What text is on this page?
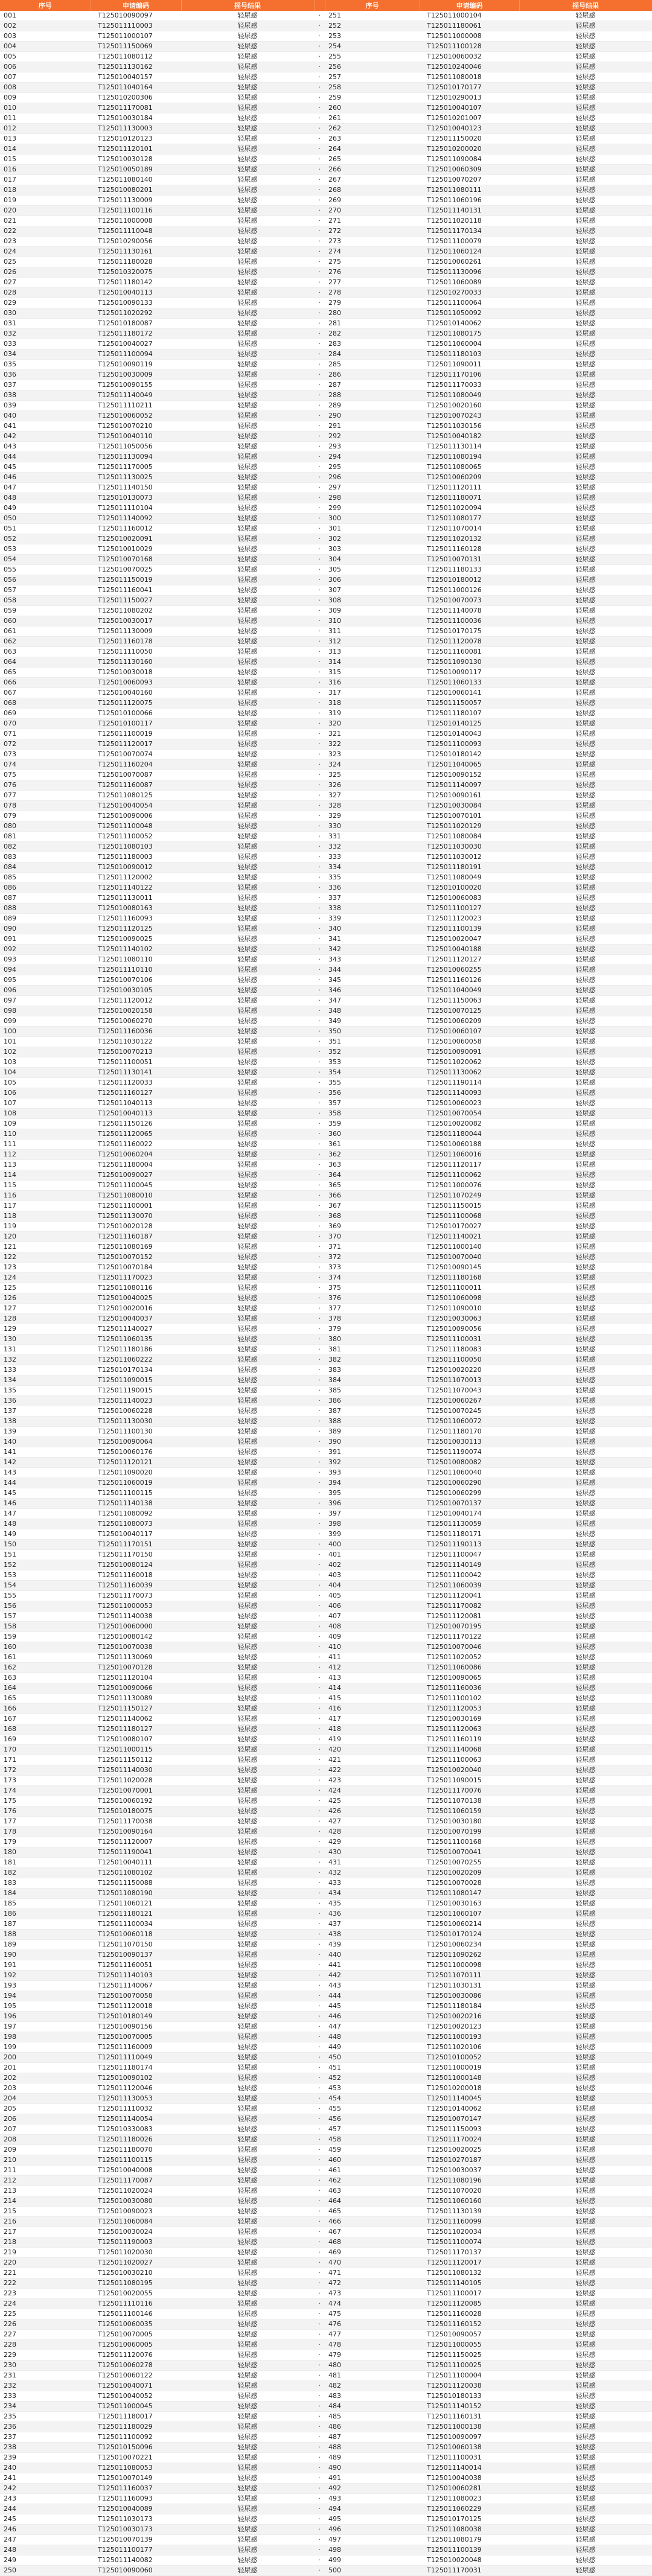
序号	申请编码	摇号结果		序号	申请编码	摇号结果
001	T125010090097	轻尿感	·	251	T125011000104	轻尿感
002	T125011110003	轻尿感	·	252	T125011180061	轻尿感
003	T125011000107	轻尿感	·	253	T125011000008	轻尿感
004	T125011150069	轻尿感	·	254	T125011100128	轻尿感
005	T125011080112	轻尿感	·	255	T125010060032	轻尿感
006	T125011130162	轻尿感	·	256	T125010240046	轻尿感
007	T125010040157	轻尿感	·	257	T125011080018	轻尿感
008	T125011040164	轻尿感	·	258	T125010170177	轻尿感
009	T125010200306	轻尿感	·	259	T125010290013	轻尿感
010	T125011170081	轻尿感	·	260	T125010040107	轻尿感
011	T125010030184	轻尿感	·	261	T125010201007	轻尿感
012	T125011130003	轻尿感	·	262	T125010040123	轻尿感
013	T125010120123	轻尿感	·	263	T125011150020	轻尿感
014	T125011120101	轻尿感	·	264	T125010200020	轻尿感
015	T125010030128	轻尿感	·	265	T125011090084	轻尿感
016	T125010050189	轻尿感	·	266	T125010060309	轻尿感
017	T125011080140	轻尿感	·	267	T125010070207	轻尿感
018	T125010080201	轻尿感	·	268	T125011080111	轻尿感
019	T125011130009	轻尿感	·	269	T125011060196	轻尿感
020	T125011100116	轻尿感	·	270	T125011140131	轻尿感
021	T125011000008	轻尿感	·	271	T125011020118	轻尿感
022	T125011110048	轻尿感	·	272	T125011170134	轻尿感
023	T125010290056	轻尿感	·	273	T125011100079	轻尿感
024	T125011130161	轻尿感	·	274	T125011060124	轻尿感
025	T125011180028	轻尿感	·	275	T125010060261	轻尿感
026	T125010320075	轻尿感	·	276	T125011130096	轻尿感
027	T125011180142	轻尿感	·	277	T125011060089	轻尿感
028	T125010040113	轻尿感	·	278	T125010270033	轻尿感
029	T125010090133	轻尿感	·	279	T125011100064	轻尿感
030	T125011020292	轻尿感	·	280	T125011050092	轻尿感
031	T125010180087	轻尿感	·	281	T125010140062	轻尿感
032	T125011180172	轻尿感	·	282	T125011080175	轻尿感
033	T125010040027	轻尿感	·	283	T125011060004	轻尿感
034	T125011100094	轻尿感	·	284	T125011180103	轻尿感
035	T125010090119	轻尿感	·	285	T125011090011	轻尿感
036	T125010030009	轻尿感	·	286	T125011170106	轻尿感
037	T125010090155	轻尿感	·	287	T125011170033	轻尿感
038	T125011140049	轻尿感	·	288	T125011080049	轻尿感
039	T125011110211	轻尿感	·	289	T125010020160	轻尿感
040	T125010060052	轻尿感	·	290	T125010070243	轻尿感
041	T125010070210	轻尿感	·	291	T125011030156	轻尿感
042	T125010040110	轻尿感	·	292	T125010040182	轻尿感
043	T125011050056	轻尿感	·	293	T125011130114	轻尿感
044	T125011130094	轻尿感	·	294	T125011080194	轻尿感
045	T125011170005	轻尿感	·	295	T125011080065	轻尿感
046	T125011130025	轻尿感	·	296	T125010060209	轻尿感
047	T125011140150	轻尿感	·	297	T125011120111	轻尿感
048	T125010130073	轻尿感	·	298	T125011180071	轻尿感
049	T125011110104	轻尿感	·	299	T125011020094	轻尿感
050	T125011140092	轻尿感	·	300	T125011080177	轻尿感
051	T125011160012	轻尿感	·	301	T125011070014	轻尿感
052	T125010020091	轻尿感	·	302	T125011020132	轻尿感
053	T125010010029	轻尿感	·	303	T125011160128	轻尿感
054	T125010070168	轻尿感	·	304	T125010070131	轻尿感
055	T125010070025	轻尿感	·	305	T125011180133	轻尿感
056	T125011150019	轻尿感	·	306	T125010180012	轻尿感
057	T125011160041	轻尿感	·	307	T125011000126	轻尿感
058	T125011150027	轻尿感	·	308	T125010070073	轻尿感
059	T125011080202	轻尿感	·	309	T125011140078	轻尿感
060	T125010030017	轻尿感	·	310	T125011100036	轻尿感
061	T125011130009	轻尿感	·	311	T125010170175	轻尿感
062	T125011160178	轻尿感	·	312	T125011120078	轻尿感
063	T125011110050	轻尿感	·	313	T125011160081	轻尿感
064	T125011130160	轻尿感	·	314	T125011090130	轻尿感
065	T125010030018	轻尿感	·	315	T125010090117	轻尿感
066	T125010060093	轻尿感	·	316	T125011060133	轻尿感
067	T125010040160	轻尿感	·	317	T125010060141	轻尿感
068	T125011120075	轻尿感	·	318	T125011150057	轻尿感
069	T125010100066	轻尿感	·	319	T125011180107	轻尿感
070	T125010100117	轻尿感	·	320	T125010140125	轻尿感
071	T125011100019	轻尿感	·	321	T125010140043	轻尿感
072	T125011120017	轻尿感	·	322	T125011100093	轻尿感
073	T125010070074	轻尿感	·	323	T125010180142	轻尿感
074	T125011160204	轻尿感	·	324	T125011040065	轻尿感
075	T125010070087	轻尿感	·	325	T125010090152	轻尿感
076	T125011160087	轻尿感	·	326	T125011140097	轻尿感
077	T125011080125	轻尿感	·	327	T125010090161	轻尿感
078	T125010040054	轻尿感	·	328	T125010030084	轻尿感
079	T125010090006	轻尿感	·	329	T125010070101	轻尿感
080	T125011100048	轻尿感	·	330	T125011020129	轻尿感
081	T125011100052	轻尿感	·	331	T125011080084	轻尿感
082	T125011080103	轻尿感	·	332	T125011030030	轻尿感
083	T125011180003	轻尿感	·	333	T125011030012	轻尿感
084	T125010090012	轻尿感	·	334	T125011180191	轻尿感
085	T125011120002	轻尿感	·	335	T125011080049	轻尿感
086	T125011140122	轻尿感	·	336	T125010100020	轻尿感
087	T125011130011	轻尿感	·	337	T125010060083	轻尿感
088	T125010080163	轻尿感	·	338	T125011100127	轻尿感
089	T125011160093	轻尿感	·	339	T125011120023	轻尿感
090	T125011120125	轻尿感	·	340	T125011100139	轻尿感
091	T125010090025	轻尿感	·	341	T125010020047	轻尿感
092	T125011140102	轻尿感	·	342	T125010040188	轻尿感
093	T125011080110	轻尿感	·	343	T125011120127	轻尿感
094	T125011110110	轻尿感	·	344	T125010060255	轻尿感
095	T125010070106	轻尿感	·	345	T125011160126	轻尿感
096	T125010030105	轻尿感	·	346	T125011040049	轻尿感
097	T125011120012	轻尿感	·	347	T125011150063	轻尿感
098	T125010020158	轻尿感	·	348	T125010070125	轻尿感
099	T125010060270	轻尿感	·	349	T125010060209	轻尿感
100	T125011160036	轻尿感	·	350	T125010060107	轻尿感
101	T125011030122	轻尿感	·	351	T125010060058	轻尿感
102	T125010070213	轻尿感	·	352	T125010090091	轻尿感
103	T125011100051	轻尿感	·	353	T125011020062	轻尿感
104	T125011130141	轻尿感	·	354	T125011130062	轻尿感
105	T125011120033	轻尿感	·	355	T125011190114	轻尿感
106	T125011160127	轻尿感	·	356	T125011140093	轻尿感
107	T125011040113	轻尿感	·	357	T125010060023	轻尿感
108	T125010040113	轻尿感	·	358	T125010070054	轻尿感
109	T125011150126	轻尿感	·	359	T125010020082	轻尿感
110	T125011120065	轻尿感	·	360	T125011180044	轻尿感
111	T125011160022	轻尿感	·	361	T125010060188	轻尿感
112	T125010060204	轻尿感	·	362	T125011060016	轻尿感
113	T125011180004	轻尿感	·	363	T125011120117	轻尿感
114	T125010090027	轻尿感	·	364	T125011100062	轻尿感
115	T125011100045	轻尿感	·	365	T125011000076	轻尿感
116	T125011080010	轻尿感	·	366	T125011070249	轻尿感
117	T125011100001	轻尿感	·	367	T125011150015	轻尿感
118	T125011130070	轻尿感	·	368	T125011100068	轻尿感
119	T125010020128	轻尿感	·	369	T125010170027	轻尿感
120	T125011160187	轻尿感	·	370	T125011140021	轻尿感
121	T125011080169	轻尿感	·	371	T125011000140	轻尿感
122	T125010070152	轻尿感	·	372	T125010070040	轻尿感
123	T125010070184	轻尿感	·	373	T125010090145	轻尿感
124	T125011170023	轻尿感	·	374	T125011180168	轻尿感
125	T125011080116	轻尿感	·	375	T125011100011	轻尿感
126	T125010040025	轻尿感	·	376	T125011060098	轻尿感
127	T125010020016	轻尿感	·	377	T125011090010	轻尿感
128	T125010040037	轻尿感	·	378	T125010030063	轻尿感
129	T125011140027	轻尿感	·	379	T125010090056	轻尿感
130	T125011060135	轻尿感	·	380	T125011100031	轻尿感
131	T125011180186	轻尿感	·	381	T125011180083	轻尿感
132	T125011060222	轻尿感	·	382	T125011100050	轻尿感
133	T125010170134	轻尿感	·	383	T125010020220	轻尿感
134	T125011090015	轻尿感	·	384	T125011070013	轻尿感
135	T125011190015	轻尿感	·	385	T125011070043	轻尿感
136	T125011140023	轻尿感	·	386	T125010060267	轻尿感
137	T125010060228	轻尿感	·	387	T125010070245	轻尿感
138	T125011130030	轻尿感	·	388	T125011060072	轻尿感
139	T125011100130	轻尿感	·	389	T125011180170	轻尿感
140	T125010090064	轻尿感	·	390	T125010030113	轻尿感
141	T125010060176	轻尿感	·	391	T125011190074	轻尿感
142	T125011120121	轻尿感	·	392	T125010080082	轻尿感
143	T125011090020	轻尿感	·	393	T125011060040	轻尿感
144	T125011060019	轻尿感	·	394	T125010060290	轻尿感
145	T125011100115	轻尿感	·	395	T125010060299	轻尿感
146	T125011140138	轻尿感	·	396	T125010070137	轻尿感
147	T125011080092	轻尿感	·	397	T125010040174	轻尿感
148	T125011080073	轻尿感	·	398	T125011130059	轻尿感
149	T125010040117	轻尿感	·	399	T125011180171	轻尿感
150	T125011170151	轻尿感	·	400	T125011190113	轻尿感
151	T125011170150	轻尿感	·	401	T125011100047	轻尿感
152	T125010080124	轻尿感	·	402	T125011140149	轻尿感
153	T125011160018	轻尿感	·	403	T125011100042	轻尿感
154	T125011160039	轻尿感	·	404	T125011060039	轻尿感
155	T125011170073	轻尿感	·	405	T125011120041	轻尿感
156	T125011000053	轻尿感	·	406	T125011170082	轻尿感
157	T125011140038	轻尿感	·	407	T125011120081	轻尿感
158	T125010060000	轻尿感	·	408	T125010070195	轻尿感
159	T125010080142	轻尿感	·	409	T125011170122	轻尿感
160	T125010070038	轻尿感	·	410	T125010070046	轻尿感
161	T125011130069	轻尿感	·	411	T125011020052	轻尿感
162	T125010070128	轻尿感	·	412	T125011060086	轻尿感
163	T125011120104	轻尿感	·	413	T125010090065	轻尿感
164	T125010090066	轻尿感	·	414	T125011160036	轻尿感
165	T125011130089	轻尿感	·	415	T125011100102	轻尿感
166	T125011150127	轻尿感	·	416	T125011120053	轻尿感
167	T125011140062	轻尿感	·	417	T125010030169	轻尿感
168	T125011180127	轻尿感	·	418	T125011120063	轻尿感
169	T125010080107	轻尿感	·	419	T125011160119	轻尿感
170	T125011000115	轻尿感	·	420	T125011140068	轻尿感
171	T125011150112	轻尿感	·	421	T125011100063	轻尿感
172	T125011140030	轻尿感	·	422	T125010020040	轻尿感
173	T125011020028	轻尿感	·	423	T125011090015	轻尿感
174	T125010070001	轻尿感	·	424	T125011170076	轻尿感
175	T125010060192	轻尿感	·	425	T125011070138	轻尿感
176	T125010180075	轻尿感	·	426	T125011060159	轻尿感
177	T125011170038	轻尿感	·	427	T125010030180	轻尿感
178	T125010090164	轻尿感	·	428	T125010070199	轻尿感
179	T125011120007	轻尿感	·	429	T125011100168	轻尿感
180	T125011190041	轻尿感	·	430	T125010070041	轻尿感
181	T125010040111	轻尿感	·	431	T125010070255	轻尿感
182	T125011080102	轻尿感	·	432	T125010020209	轻尿感
183	T125011150088	轻尿感	·	433	T125010070028	轻尿感
184	T125011080190	轻尿感	·	434	T125011080147	轻尿感
185	T125011060121	轻尿感	·	435	T125010030163	轻尿感
186	T125011180121	轻尿感	·	436	T125011060107	轻尿感
187	T125011100034	轻尿感	·	437	T125010060214	轻尿感
188	T125010060118	轻尿感	·	438	T125010170124	轻尿感
189	T125011070150	轻尿感	·	439	T125010060234	轻尿感
190	T125010090137	轻尿感	·	440	T125011090262	轻尿感
191	T125011160051	轻尿感	·	441	T125011000098	轻尿感
192	T125011140103	轻尿感	·	442	T125011070111	轻尿感
193	T125011140067	轻尿感	·	443	T125011030131	轻尿感
194	T125010070058	轻尿感	·	444	T125010030086	轻尿感
195	T125011120018	轻尿感	·	445	T125011180184	轻尿感
196	T125010180149	轻尿感	·	446	T125010020216	轻尿感
197	T125010090156	轻尿感	·	447	T125010020123	轻尿感
198	T125010070005	轻尿感	·	448	T125011000193	轻尿感
199	T125011160009	轻尿感	·	449	T125011020106	轻尿感
200	T125011110049	轻尿感	·	450	T125010100052	轻尿感
201	T125011180174	轻尿感	·	451	T125011000019	轻尿感
202	T125010090102	轻尿感	·	452	T125011000148	轻尿感
203	T125011120046	轻尿感	·	453	T125010200018	轻尿感
204	T125011130053	轻尿感	·	454	T125011140045	轻尿感
205	T125011110032	轻尿感	·	455	T125010140062	轻尿感
206	T125011140054	轻尿感	·	456	T125010070147	轻尿感
207	T125010330083	轻尿感	·	457	T125011150093	轻尿感
208	T125011180026	轻尿感	·	458	T125011170024	轻尿感
209	T125011180070	轻尿感	·	459	T125010020025	轻尿感
210	T125011100115	轻尿感	·	460	T125010270187	轻尿感
211	T125010040008	轻尿感	·	461	T125010030037	轻尿感
212	T125011170087	轻尿感	·	462	T125011080196	轻尿感
213	T125011020024	轻尿感	·	463	T125011070020	轻尿感
214	T125010030080	轻尿感	·	464	T125011060160	轻尿感
215	T125010090023	轻尿感	·	465	T125011130139	轻尿感
216	T125011060084	轻尿感	·	466	T125011160099	轻尿感
217	T125010030024	轻尿感	·	467	T125011020034	轻尿感
218	T125011190003	轻尿感	·	468	T125011100074	轻尿感
219	T125011020030	轻尿感	·	469	T125011170137	轻尿感
220	T125011020027	轻尿感	·	470	T125011120017	轻尿感
221	T125010030210	轻尿感	·	471	T125011080132	轻尿感
222	T125011080195	轻尿感	·	472	T125011140105	轻尿感
223	T125010020055	轻尿感	·	473	T125011100017	轻尿感
224	T125011110116	轻尿感	·	474	T125011120085	轻尿感
225	T125011100146	轻尿感	·	475	T125011160028	轻尿感
226	T125010060035	轻尿感	·	476	T125011160152	轻尿感
227	T125010070005	轻尿感	·	477	T125010090057	轻尿感
228	T125010060005	轻尿感	·	478	T125011000055	轻尿感
229	T125011120076	轻尿感	·	479	T125011150025	轻尿感
230	T125010060278	轻尿感	·	480	T125011100025	轻尿感
231	T125010060122	轻尿感	·	481	T125011100004	轻尿感
232	T125010040071	轻尿感	·	482	T125011120038	轻尿感
233	T125010040052	轻尿感	·	483	T125010180133	轻尿感
234	T125011000045	轻尿感	·	484	T125011140152	轻尿感
235	T125011180017	轻尿感	·	485	T125011160131	轻尿感
236	T125011180029	轻尿感	·	486	T125011000138	轻尿感
237	T125011100092	轻尿感	·	487	T125010090097	轻尿感
238	T125010150096	轻尿感	·	488	T125010060138	轻尿感
239	T125010070221	轻尿感	·	489	T125011100031	轻尿感
240	T125011080053	轻尿感	·	490	T125011140014	轻尿感
241	T125010070149	轻尿感	·	491	T125010040038	轻尿感
242	T125011160037	轻尿感	·	492	T125010060281	轻尿感
243	T125011160093	轻尿感	·	493	T125011080023	轻尿感
244	T125010040089	轻尿感	·	494	T125011060229	轻尿感
245	T125011030173	轻尿感	·	495	T125010170125	轻尿感
246	T125010030173	轻尿感	·	496	T125011080038	轻尿感
247	T125010070139	轻尿感	·	497	T125011080179	轻尿感
248	T125011100177	轻尿感	·	498	T125011100139	轻尿感
249	T125011140082	轻尿感	·	499	T125010020048	轻尿感
250	T125010090060	轻尿感	·	500	T125011170031	轻尿感
